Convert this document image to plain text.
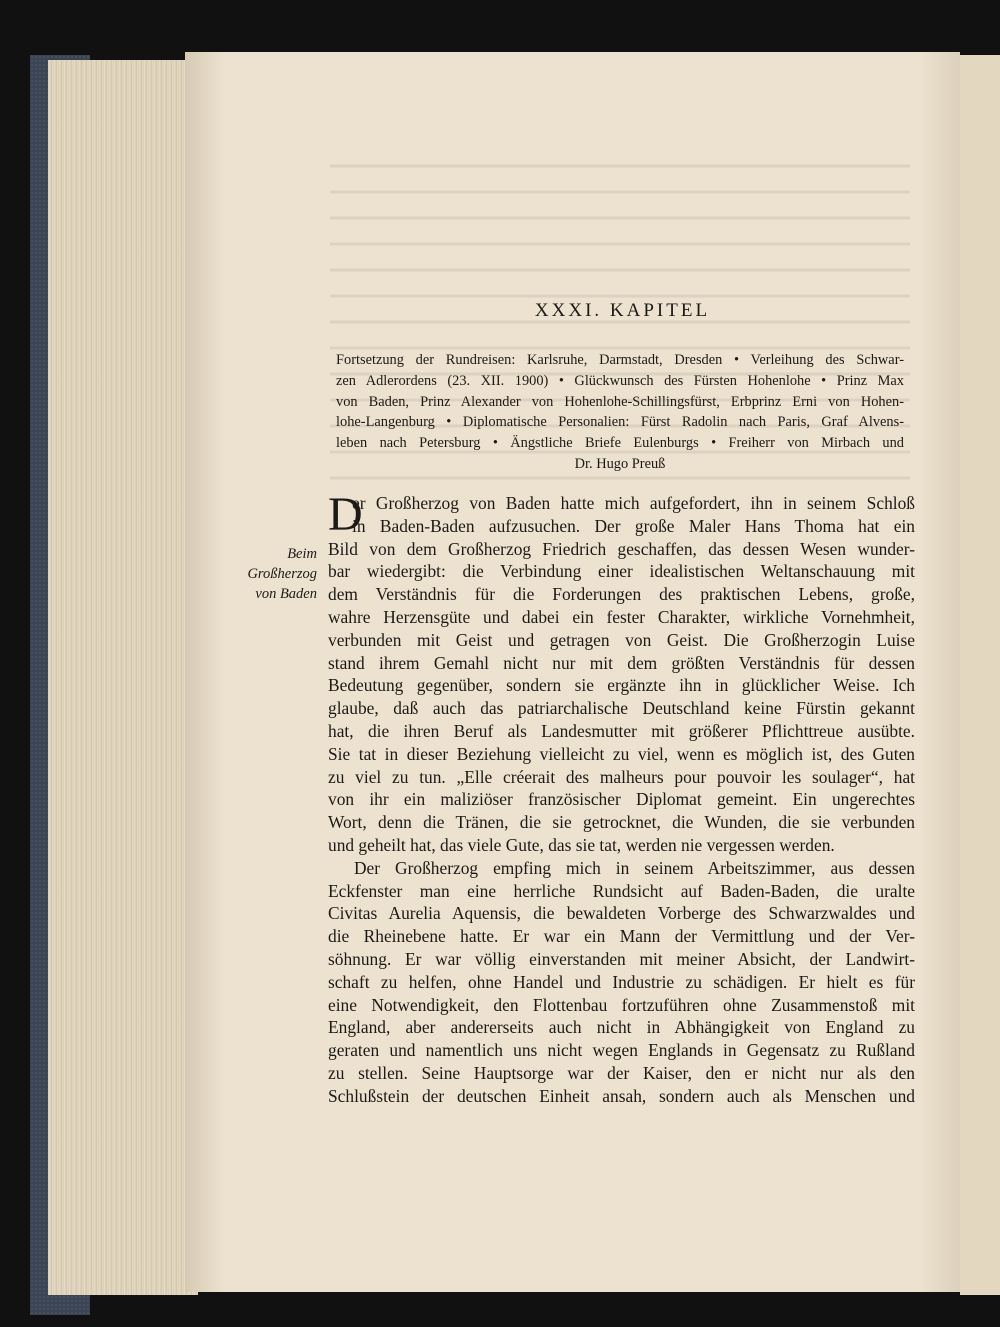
XXXI. KAPITEL
Fortsetzung der Rundreisen: Karlsruhe, Darmstadt, Dresden • Verleihung des Schwar-
zen Adlerordens (23. XII. 1900) • Glückwunsch des Fürsten Hohenlohe • Prinz Max
von Baden, Prinz Alexander von Hohenlohe-Schillingsfürst, Erbprinz Erni von Hohen-
lohe-Langenburg • Diplomatische Personalien: Fürst Radolin nach Paris, Graf Alvens-
leben nach Petersburg • Ängstliche Briefe Eulenburgs • Freiherr von Mirbach und
Dr. Hugo Preuß
Beim
Großherzog
von Baden
D
er Großherzog von Baden hatte mich aufgefordert, ihn in seinem Schloß
in Baden-Baden aufzusuchen. Der große Maler Hans Thoma hat ein
Bild von dem Großherzog Friedrich geschaffen, das dessen Wesen wunder-
bar wiedergibt: die Verbindung einer idealistischen Weltanschauung mit
dem Verständnis für die Forderungen des praktischen Lebens, große,
wahre Herzensgüte und dabei ein fester Charakter, wirkliche Vornehmheit,
verbunden mit Geist und getragen von Geist. Die Großherzogin Luise
stand ihrem Gemahl nicht nur mit dem größten Verständnis für dessen
Bedeutung gegenüber, sondern sie ergänzte ihn in glücklicher Weise. Ich
glaube, daß auch das patriarchalische Deutschland keine Fürstin gekannt
hat, die ihren Beruf als Landesmutter mit größerer Pflichttreue ausübte.
Sie tat in dieser Beziehung vielleicht zu viel, wenn es möglich ist, des Guten
zu viel zu tun. „Elle créerait des malheurs pour pouvoir les soulager“, hat
von ihr ein maliziöser französischer Diplomat gemeint. Ein ungerechtes
Wort, denn die Tränen, die sie getrocknet, die Wunden, die sie verbunden
und geheilt hat, das viele Gute, das sie tat, werden nie vergessen werden.
Der Großherzog empfing mich in seinem Arbeitszimmer, aus dessen
Eckfenster man eine herrliche Rundsicht auf Baden-Baden, die uralte
Civitas Aurelia Aquensis, die bewaldeten Vorberge des Schwarzwaldes und
die Rheinebene hatte. Er war ein Mann der Vermittlung und der Ver-
söhnung. Er war völlig einverstanden mit meiner Absicht, der Landwirt-
schaft zu helfen, ohne Handel und Industrie zu schädigen. Er hielt es für
eine Notwendigkeit, den Flottenbau fortzuführen ohne Zusammenstoß mit
England, aber andererseits auch nicht in Abhängigkeit von England zu
geraten und namentlich uns nicht wegen Englands in Gegensatz zu Rußland
zu stellen. Seine Hauptsorge war der Kaiser, den er nicht nur als den
Schlußstein der deutschen Einheit ansah, sondern auch als Menschen und
